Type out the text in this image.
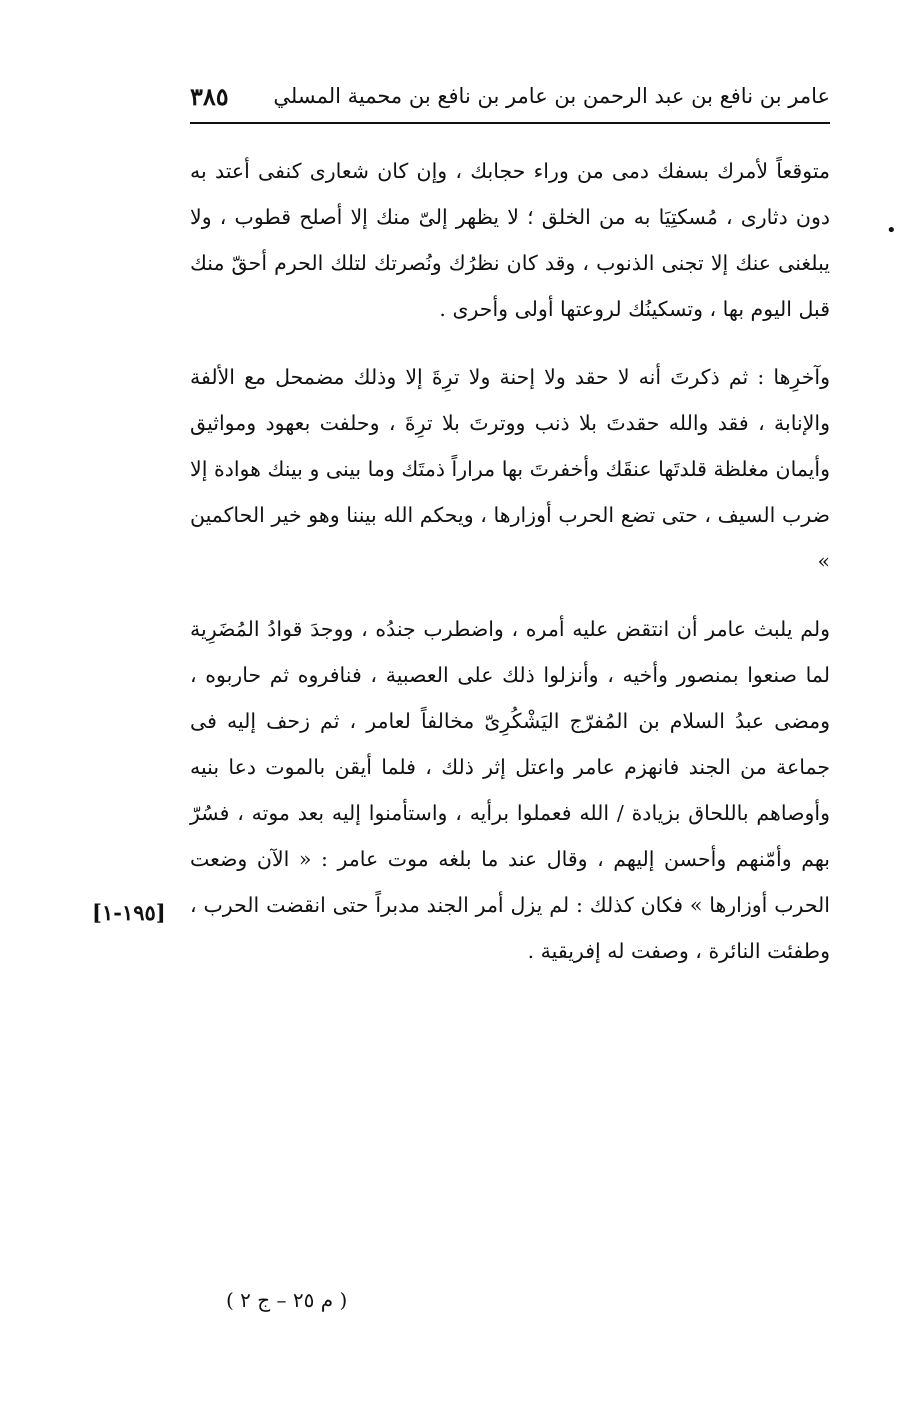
عامر بن نافع بن عبد الرحمن بن عامر بن نافع بن محمية المسلي
٣٨٥
•

متوقعاً لأمرك بسفك دمى من وراء حجابك ، وإن كان شعارى كنفى أعتد به دون دثارى ، مُسكتِيَا به من الخلق ؛ لا يظهر إلىّ منك إلا أصلح قطوب ، ولا يبلغنى عنك إلا تجنى الذنوب ، وقد كان نظرُك ونُصرتك لتلك الحرم أحقّ منك قبل اليوم بها ، وتسكينُك لروعتها أولى وأحرى .

وآخرِها : ثم ذكرتَ أنه لا حقد ولا إحنة ولا ترِةَ إلا وذلك مضمحل مع الألفة والإنابة ، فقد والله حقدتَ بلا ذنب ووترتَ بلا ترِةَ ، وحلفت بعهود ومواثيق وأيمان مغلظة قلدتَها عنقَك وأخفرتَ بها مراراً ذمتَك وما بينى و بينك هوادة إلا ضرب السيف ، حتى تضع الحرب أوزارها ، ويحكم الله بيننا وهو خير الحاكمين »

ولم يلبث عامر أن انتقض عليه أمره ، واضطرب جندُه ، ووجدَ قوادُ المُضَرِية لما صنعوا بمنصور وأخيه ، وأنزلوا ذلك على العصبية ، فنافروه ثم حاربوه ، ومضى عبدُ السلام بن المُفرّج اليَشْكُرِىّ مخالفاً لعامر ، ثم زحف إليه فى جماعة من الجند فانهزم عامر واعتل إثر ذلك ، فلما أيقن بالموت دعا بنيه وأوصاهم باللحاق بزيادة / الله فعملوا برأيه ، واستأمنوا إليه بعد موته ، فسُرّ بهم وأمّنهم وأحسن إليهم ، وقال عند ما بلغه موت عامر : « الآن وضعت الحرب أوزارها » فكان كذلك : لم يزل أمر الجند مدبراً حتى انقضت الحرب ، وطفئت النائرة ، وصفت له إفريقية .

[١٩٥-١]
( م ٢٥ – ج ٢ )
